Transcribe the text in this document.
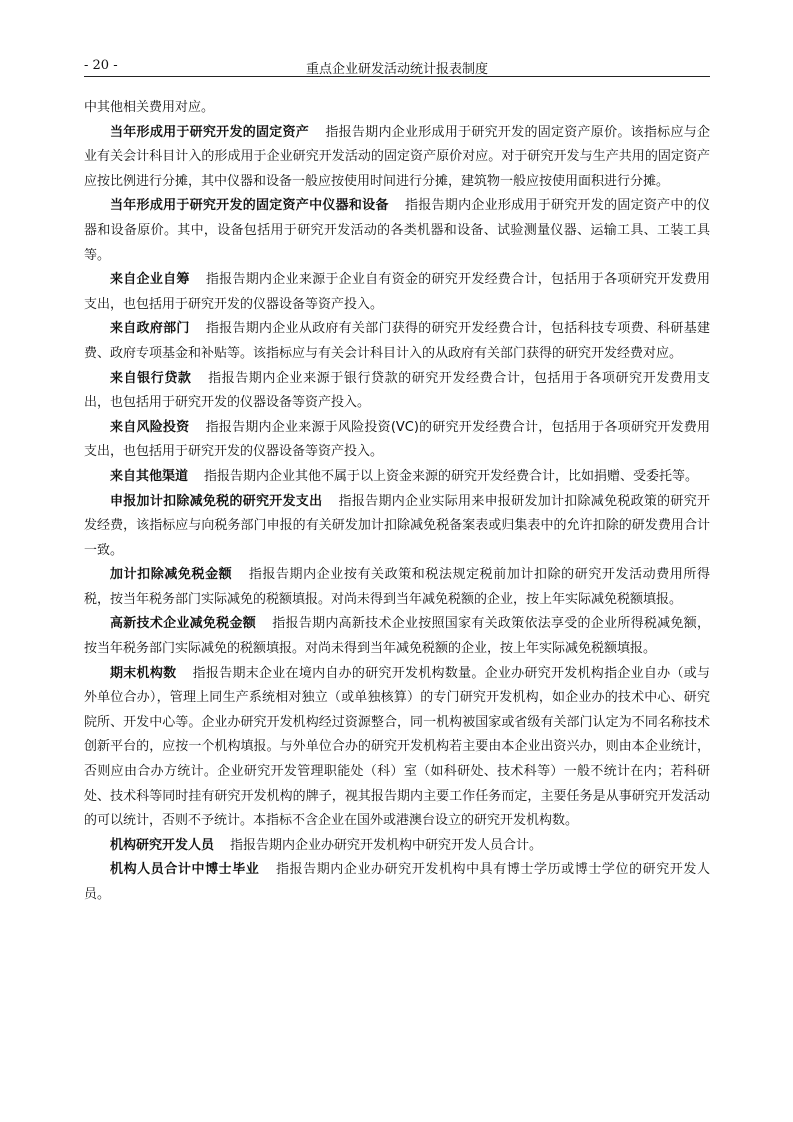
- 20 -	重点企业研发活动统计报表制度

中其他相关费用对应。

当年形成用于研究开发的固定资产 指报告期内企业形成用于研究开发的固定资产原价。该指标应与企业有关会计科目计入的形成用于企业研究开发活动的固定资产原价对应。对于研究开发与生产共用的固定资产应按比例进行分摊，其中仪器和设备一般应按使用时间进行分摊，建筑物一般应按使用面积进行分摊。

当年形成用于研究开发的固定资产中仪器和设备 指报告期内企业形成用于研究开发的固定资产中的仪器和设备原价。其中，设备包括用于研究开发活动的各类机器和设备、试验测量仪器、运输工具、工装工具等。

来自企业自筹 指报告期内企业来源于企业自有资金的研究开发经费合计，包括用于各项研究开发费用支出，也包括用于研究开发的仪器设备等资产投入。

来自政府部门 指报告期内企业从政府有关部门获得的研究开发经费合计，包括科技专项费、科研基建费、政府专项基金和补贴等。该指标应与有关会计科目计入的从政府有关部门获得的研究开发经费对应。

来自银行贷款 指报告期内企业来源于银行贷款的研究开发经费合计，包括用于各项研究开发费用支出，也包括用于研究开发的仪器设备等资产投入。

来自风险投资 指报告期内企业来源于风险投资(VC)的研究开发经费合计，包括用于各项研究开发费用支出，也包括用于研究开发的仪器设备等资产投入。

来自其他渠道 指报告期内企业其他不属于以上资金来源的研究开发经费合计，比如捐赠、受委托等。

申报加计扣除减免税的研究开发支出 指报告期内企业实际用来申报研发加计扣除减免税政策的研究开发经费，该指标应与向税务部门申报的有关研发加计扣除减免税备案表或归集表中的允许扣除的研发费用合计一致。

加计扣除减免税金额 指报告期内企业按有关政策和税法规定税前加计扣除的研究开发活动费用所得税，按当年税务部门实际减免的税额填报。对尚未得到当年减免税额的企业，按上年实际减免税额填报。

高新技术企业减免税金额 指报告期内高新技术企业按照国家有关政策依法享受的企业所得税减免额，按当年税务部门实际减免的税额填报。对尚未得到当年减免税额的企业，按上年实际减免税额填报。

期末机构数 指报告期末企业在境内自办的研究开发机构数量。企业办研究开发机构指企业自办（或与外单位合办），管理上同生产系统相对独立（或单独核算）的专门研究开发机构，如企业办的技术中心、研究院所、开发中心等。企业办研究开发机构经过资源整合，同一机构被国家或省级有关部门认定为不同名称技术创新平台的，应按一个机构填报。与外单位合办的研究开发机构若主要由本企业出资兴办，则由本企业统计，否则应由合办方统计。企业研究开发管理职能处（科）室（如科研处、技术科等）一般不统计在内；若科研处、技术科等同时挂有研究开发机构的牌子，视其报告期内主要工作任务而定，主要任务是从事研究开发活动的可以统计，否则不予统计。本指标不含企业在国外或港澳台设立的研究开发机构数。

机构研究开发人员 指报告期内企业办研究开发机构中研究开发人员合计。

机构人员合计中博士毕业 指报告期内企业办研究开发机构中具有博士学历或博士学位的研究开发人员。
